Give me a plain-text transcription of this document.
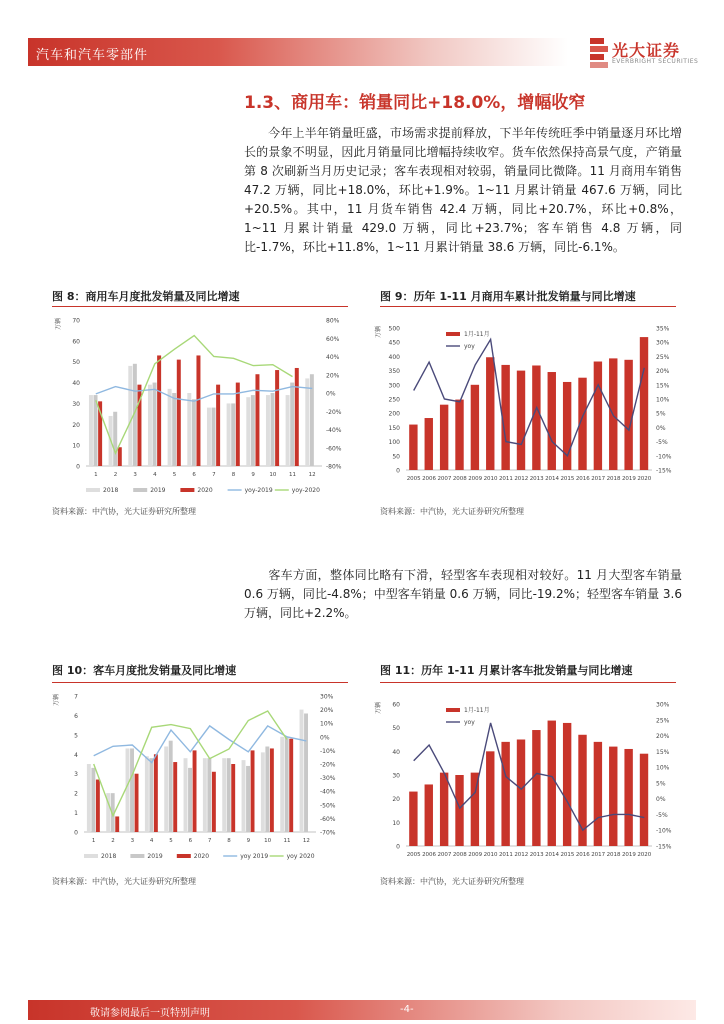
汽车和汽车零部件	光大证券
EVERBRIGHT SECURITIES
1.3、商用车：销量同比+18.0%，增幅收窄
今年上半年销量旺盛，市场需求提前释放，下半年传统旺季中销量逐月环比增长的景象不明显，因此月销量同比增幅持续收窄。货车依然保持高景气度，产销量第 8 次刷新当月历史记录；客车表现相对较弱，销量同比微降。11 月商用车销售 47.2 万辆，同比+18.0%，环比+1.9%。1~11 月累计销量 467.6 万辆，同比+20.5%。其中，11 月货车销售 42.4 万辆，同比+20.7%，环比+0.8%，1~11 月累计销量 429.0 万辆，同比+23.7%；客车销售 4.8 万辆，同比-1.7%，环比+11.8%，1~11 月累计销量 38.6 万辆，同比-6.1%。
图 8：商用车月度批发销量及同比增速
0
10
20
30
40
50
60
70
-80%
-60%
-40%
-20%
0%
20%
40%
60%
80%
万辆
1	2	3	4	5	6	7	8	9	10 11 12
2018	2019	2020	yoy-2019	yoy-2020
资料来源：中汽协，光大证券研究所整理
图 9：历年 1-11 月商用车累计批发销量与同比增速
0
50
100
150
200
250
300
350
400
450
500
-15%
-10%
-5%
0%
5%
10%
15%
20%
25%
30%
35%
万辆
2005 2006 2007 2008 2009 2010 2011 2012 2013 2014 2015 2016 2017 2018 2019 2020
1月-11月
yoy
资料来源：中汽协，光大证券研究所整理
客车方面，整体同比略有下滑，轻型客车表现相对较好。11 月大型客车销量 0.6 万辆，同比-4.8%；中型客车销量 0.6 万辆，同比-19.2%；轻型客车销量 3.6 万辆，同比+2.2%。
图 10：客车月度批发销量及同比增速
0
1
2
3
4
5
6
7
-70%
-60%
-50%
-40%
-30%
-20%
-10%
0%
10%
20%
30%
万辆
1	2	3	4	5	6	7	8	9	10 11 12
2018	2019	2020	yoy 2019	yoy 2020
资料来源：中汽协，光大证券研究所整理
图 11：历年 1-11 月累计客车批发销量与同比增速
0
10
20
30
40
50
60
-15%
-10%
-5%
0%
5%
10%
15%
20%
25%
30%
万辆
2005 2006 2007 2008 2009 2010 2011 2012 2013 2014 2015 2016 2017 2018 2019 2020
1月-11月
yoy
资料来源：中汽协，光大证券研究所整理
敬请参阅最后一页特别声明	-4-
